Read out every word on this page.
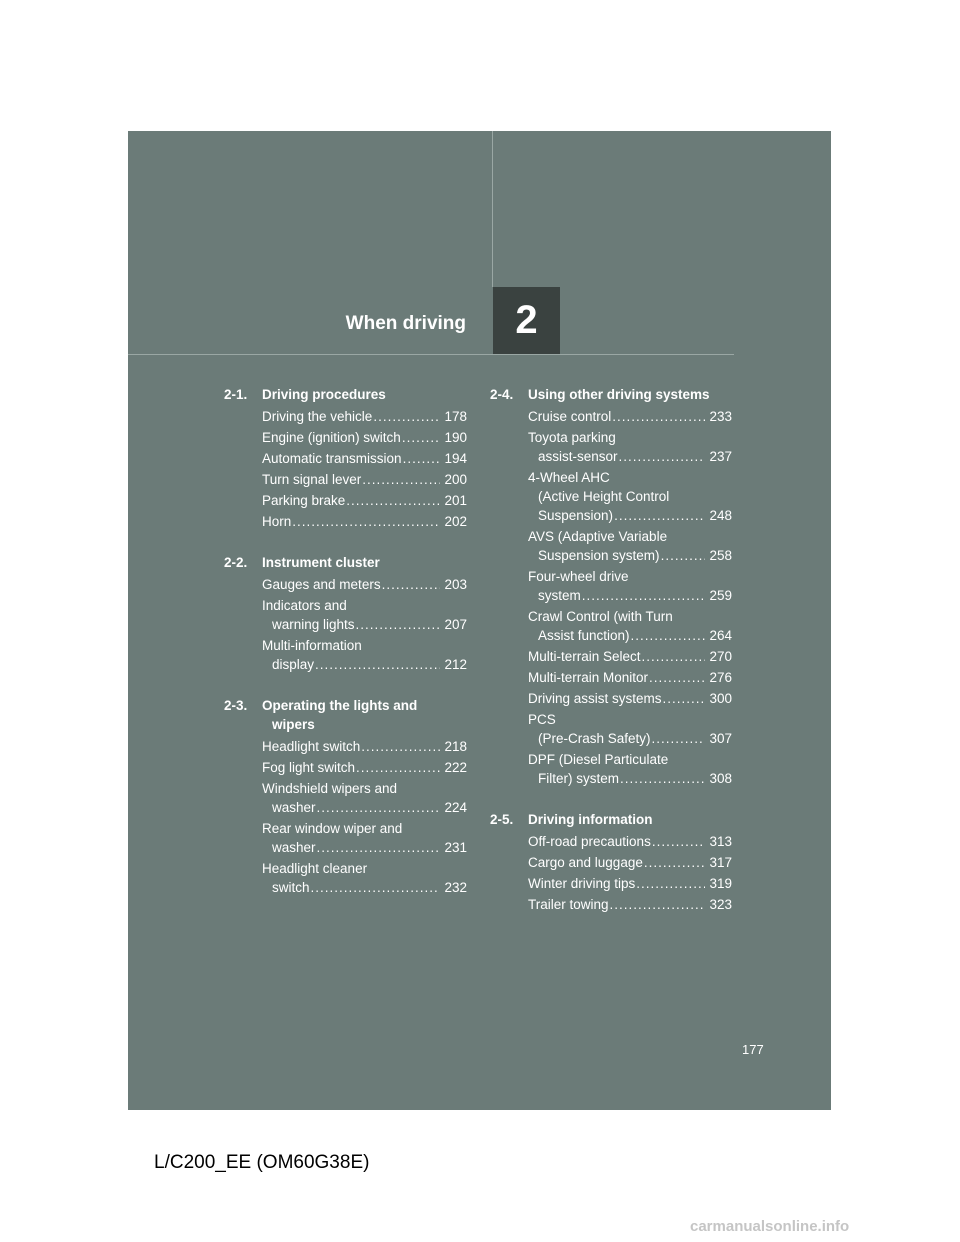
When driving 2
2-1.	Driving procedures
Driving the vehicle .....	178
Engine (ignition) switch .....	190
Automatic transmission .....	194
Turn signal lever .....	200
Parking brake .....	201
Horn .....	202
2-2.	Instrument cluster
Gauges and meters .....	203
Indicators and
warning lights .....	207
Multi-information
display .....	212
2-3.	Operating the lights and
wipers
Headlight switch .....	218
Fog light switch .....	222
Windshield wipers and
washer .....	224
Rear window wiper and
washer .....	231
Headlight cleaner
switch .....	232
2-4.	Using other driving systems
Cruise control .....	233
Toyota parking
assist-sensor .....	237
4-Wheel AHC
(Active Height Control
Suspension) .....	248
AVS (Adaptive Variable
Suspension system) .....	258
Four-wheel drive
system .....	259
Crawl Control (with Turn
Assist function) .....	264
Multi-terrain Select .....	270
Multi-terrain Monitor .....	276
Driving assist systems .....	300
PCS
(Pre-Crash Safety) .....	307
DPF (Diesel Particulate
Filter) system .....	308
2-5.	Driving information
Off-road precautions .....	313
Cargo and luggage .....	317
Winter driving tips .....	319
Trailer towing .....	323
177
L/C200_EE (OM60G38E)
carmanualsonline.info
